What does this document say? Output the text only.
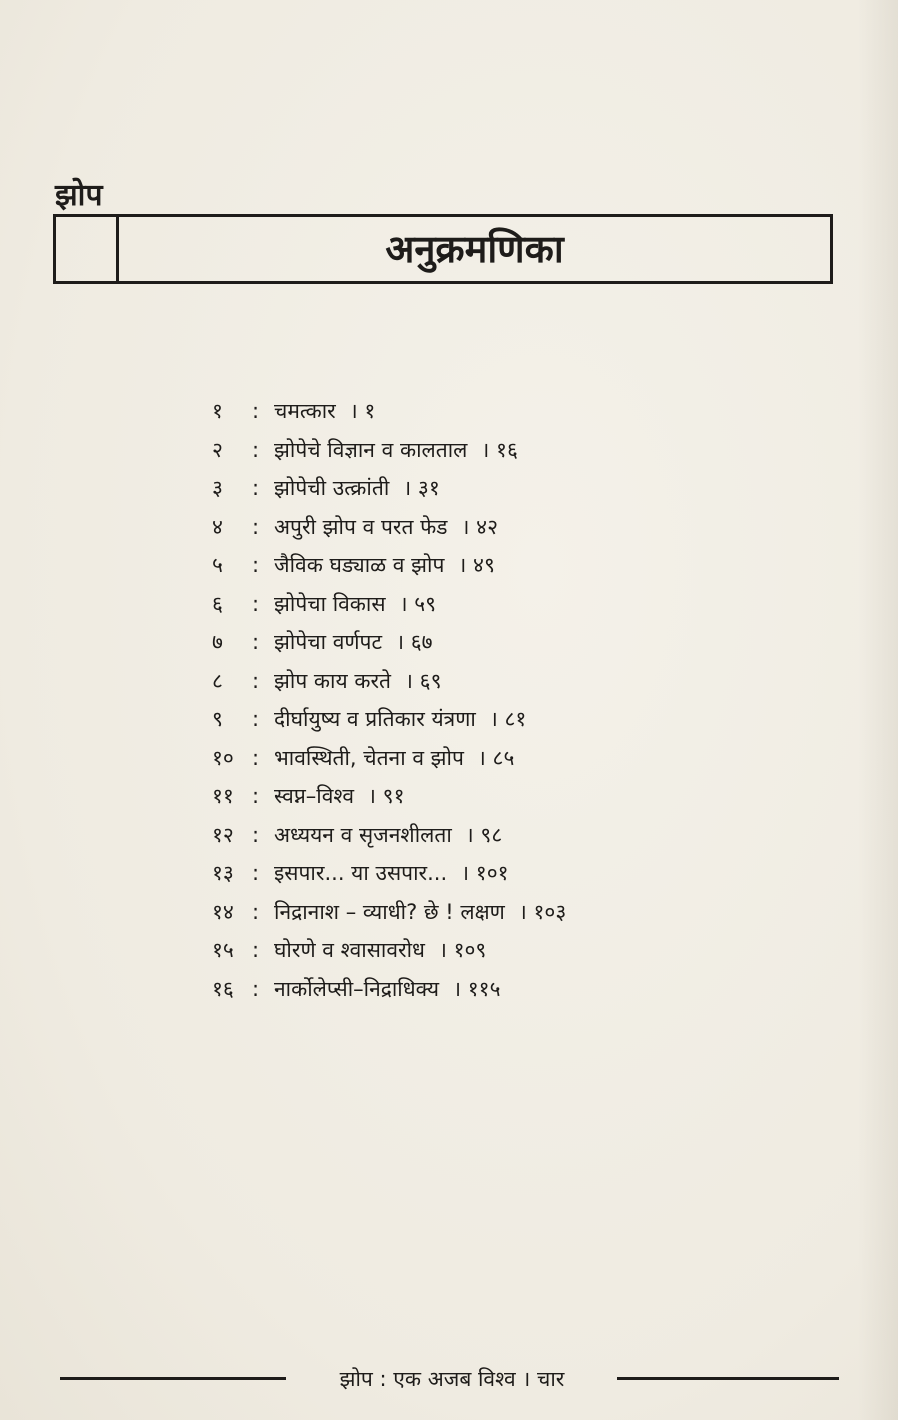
झोप
अनुक्रमणिका
१ : चमत्कार । १
२ : झोपेचे विज्ञान व कालताल । १६
३ : झोपेची उत्क्रांती । ३१
४ : अपुरी झोप व परत फेड । ४२
५ : जैविक घड्याळ व झोप । ४९
६ : झोपेचा विकास । ५९
७ : झोपेचा वर्णपट । ६७
८ : झोप काय करते । ६९
९ : दीर्घायुष्य व प्रतिकार यंत्रणा । ८१
१० : भावस्थिती, चेतना व झोप । ८५
११ : स्वप्न–विश्व । ९१
१२ : अध्ययन व सृजनशीलता । ९८
१३ : इसपार... या उसपार... । १०१
१४ : निद्रानाश – व्याधी? छे ! लक्षण । १०३
१५ : घोरणे व श्वासावरोध । १०९
१६ : नार्कोलेप्सी–निद्राधिक्य । ११५
झोप : एक अजब विश्व । चार
